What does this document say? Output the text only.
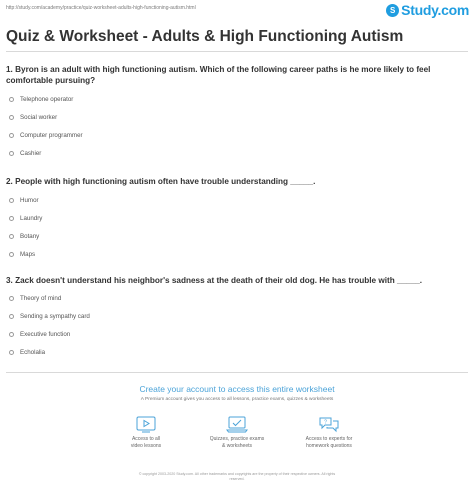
http://study.com/academy/practice/quiz-worksheet-adults-high-functioning-autism.html	S Study.com
Quiz & Worksheet - Adults & High Functioning Autism
1. Byron is an adult with high functioning autism. Which of the following career paths is he more likely to feel
comfortable pursuing?
Telephone operator
Social worker
Computer programmer
Cashier
2. People with high functioning autism often have trouble understanding _____.
Humor
Laundry
Botany
Maps
3. Zack doesn't understand his neighbor's sadness at the death of their old dog. He has trouble with _____.
Theory of mind
Sending a sympathy card
Executive function
Echolalia
Create your account to access this entire worksheet
A Premium account gives you access to all lessons, practice exams, quizzes & worksheets
Access to all
video lessons
Quizzes, practice exams
& worksheets
?
Access to experts for
homework questions
© copyright 2003-2020 Study.com. All other trademarks and copyrights are the property of their respective owners. All rights
reserved.
